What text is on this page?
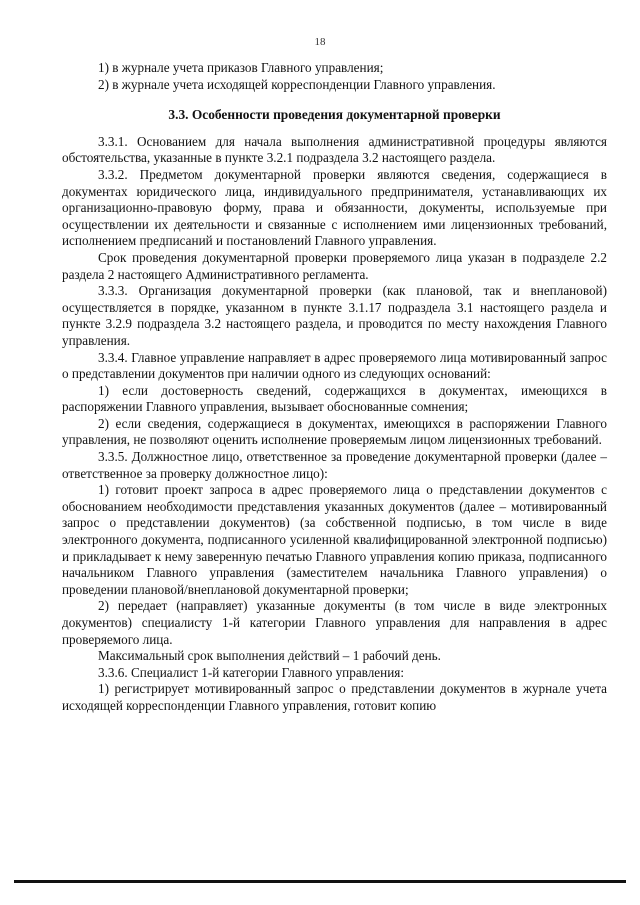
18

1) в журнале учета приказов Главного управления;

2) в журнале учета исходящей корреспонденции Главного управления.

3.3. Особенности проведения документарной проверки

3.3.1. Основанием для начала выполнения административной процедуры являются обстоятельства, указанные в пункте 3.2.1 подраздела 3.2 настоящего раздела.

3.3.2. Предметом документарной проверки являются сведения, содержащиеся в документах юридического лица, индивидуального предпринимателя, устанавливающих их организационно-правовую форму, права и обязанности, документы, используемые при осуществлении их деятельности и связанные с исполнением ими лицензионных требований, исполнением предписаний и постановлений Главного управления.

Срок проведения документарной проверки проверяемого лица указан в подразделе 2.2 раздела 2 настоящего Административного регламента.

3.3.3. Организация документарной проверки (как плановой, так и внеплановой) осуществляется в порядке, указанном в пункте 3.1.17 подраздела 3.1 настоящего раздела и пункте 3.2.9 подраздела 3.2 настоящего раздела, и проводится по месту нахождения Главного управления.

3.3.4. Главное управление направляет в адрес проверяемого лица мотивированный запрос о представлении документов при наличии одного из следующих оснований:

1) если достоверность сведений, содержащихся в документах, имеющихся в распоряжении Главного управления, вызывает обоснованные сомнения;

2) если сведения, содержащиеся в документах, имеющихся в распоряжении Главного управления, не позволяют оценить исполнение проверяемым лицом лицензионных требований.

3.3.5. Должностное лицо, ответственное за проведение документарной проверки (далее – ответственное за проверку должностное лицо):

1) готовит проект запроса в адрес проверяемого лица о представлении документов с обоснованием необходимости представления указанных документов (далее – мотивированный запрос о представлении документов) (за собственной подписью, в том числе в виде электронного документа, подписанного усиленной квалифицированной электронной подписью) и прикладывает к нему заверенную печатью Главного управления копию приказа, подписанного начальником Главного управления (заместителем начальника Главного управления) о проведении плановой/внеплановой документарной проверки;

2) передает (направляет) указанные документы (в том числе в виде электронных документов) специалисту 1-й категории Главного управления для направления в адрес проверяемого лица.

Максимальный срок выполнения действий – 1 рабочий день.

3.3.6. Специалист 1-й категории Главного управления:

1) регистрирует мотивированный запрос о представлении документов в журнале учета исходящей корреспонденции Главного управления, готовит копию
